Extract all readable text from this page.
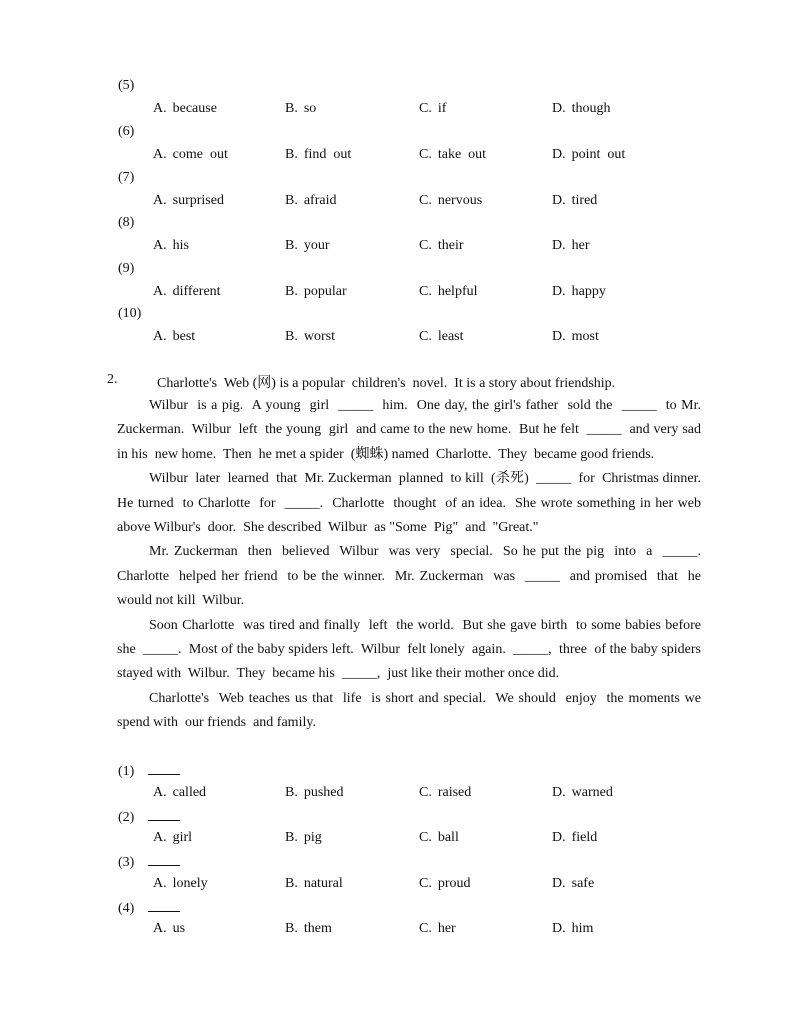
(5)
A. because	B. so	C. if	D. though
(6)
A. come  out	B. find  out	C. take  out	D. point  out
(7)
A. surprised	B. afraid	C. nervous	D. tired
(8)
A. his	B. your	C. their	D. her
(9)
A. different	B. popular	C. helpful	D. happy
(10)
A. best	B. worst	C. least	D. most
2.	Charlotte's  Web (网) is a popular  children's  novel.  It is a story about friendship.

Wilbur  is a pig.  A young  girl  _____  him.  One day, the girl's father  sold the  _____  to Mr. Zuckerman.  Wilbur  left  the young  girl  and came to the new home.  But he felt  _____  and very sad in his  new home.  Then  he met a spider  (蜘蛛) named  Charlotte.  They  became good friends.

Wilbur  later  learned  that  Mr. Zuckerman  planned  to kill  (杀死)  _____  for  Christmas dinner.  He turned  to Charlotte  for  _____.  Charlotte  thought  of an idea.  She wrote something in her web above Wilbur's  door.  She described  Wilbur  as "Some  Pig"  and  "Great."

Mr. Zuckerman  then  believed  Wilbur  was very  special.  So he put the pig  into  a  _____. Charlotte  helped her friend  to be the winner.  Mr. Zuckerman  was  _____  and promised  that  he would not kill  Wilbur.

Soon Charlotte  was tired and finally  left  the world.  But she gave birth  to some babies before she  _____.  Most of the baby spiders left.  Wilbur  felt lonely  again.  _____,  three  of the baby spiders stayed with  Wilbur.  They  became his  _____,  just like their mother once did.

Charlotte's  Web teaches us that  life  is short and special.  We should  enjoy  the moments we spend with  our friends  and family.

(1)
A. called	B. pushed	C. raised	D. warned
(2)
A. girl	B. pig	C. ball	D. field
(3)
A. lonely	B. natural	C. proud	D. safe
(4)
A. us	B. them	C. her	D. him
